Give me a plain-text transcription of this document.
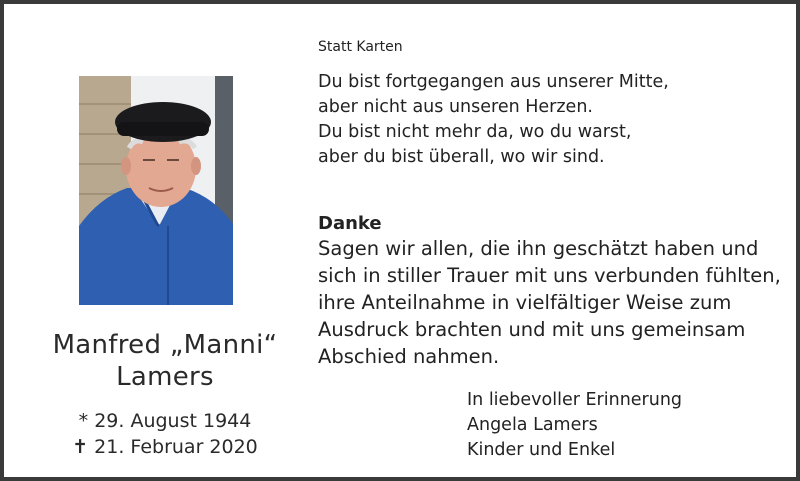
Manfred „Manni“
Lamers
* 29. August 1944
✝ 21. Februar 2020
Statt Karten
Du bist fortgegangen aus unserer Mitte,
aber nicht aus unseren Herzen.
Du bist nicht mehr da, wo du warst,
aber du bist überall, wo wir sind.
Danke
Sagen wir allen, die ihn geschätzt haben und
sich in stiller Trauer mit uns verbunden fühlten,
ihre Anteilnahme in vielfältiger Weise zum
Ausdruck brachten und mit uns gemeinsam
Abschied nahmen.
In liebevoller Erinnerung
Angela Lamers
Kinder und Enkel
